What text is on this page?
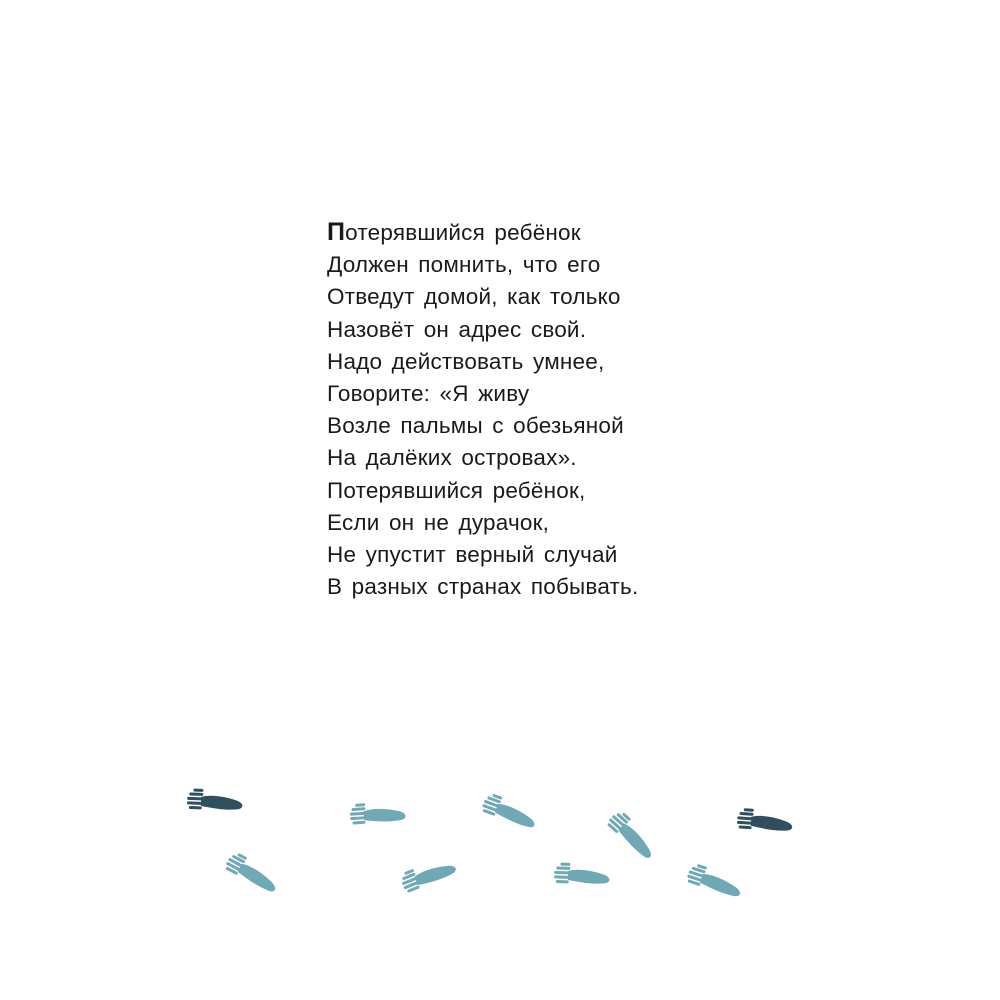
Потерявшийся ребёнок
Должен помнить, что его
Отведут домой, как только
Назовёт он адрес свой.
Надо действовать умнее,
Говорите: «Я живу
Возле пальмы с обезьяной
На далёких островах».
Потерявшийся ребёнок,
Если он не дурачок,
Не упустит верный случай
В разных странах побывать.
